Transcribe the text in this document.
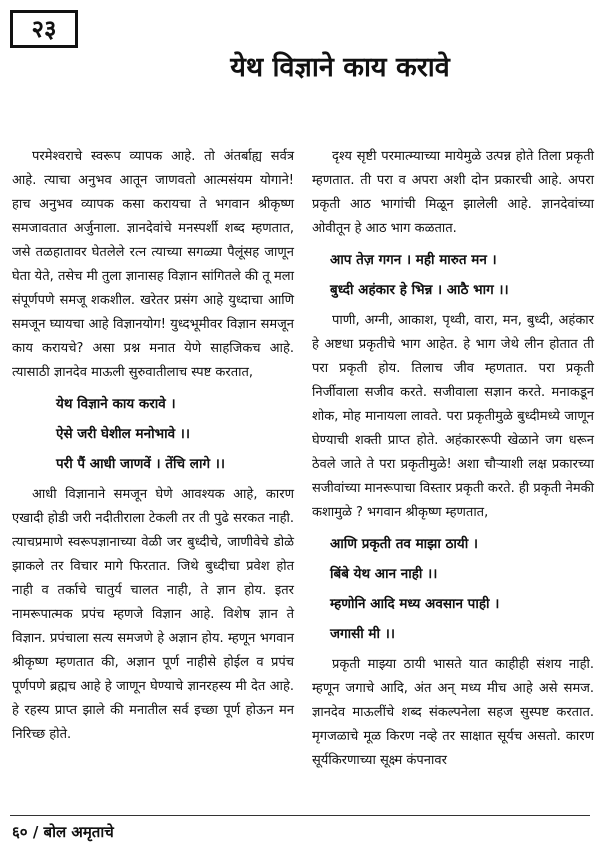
२३
येथ विज्ञाने काय करावे

परमेश्वराचे स्वरूप व्यापक आहे. तो अंतर्बाह्य सर्वत्र आहे. त्याचा अनुभव आतून जाणवतो आत्मसंयम योगाने! हाच अनुभव व्यापक कसा करायचा ते भगवान श्रीकृष्ण समजावतात अर्जुनाला. ज्ञानदेवांचे मनस्पर्शी शब्द म्हणतात, जसे तळहातावर घेतलेले रत्न त्याच्या सगळ्या पैलूंसह जाणून घेता येते, तसेच मी तुला ज्ञानासह विज्ञान सांगितले की तू मला संपूर्णपणे समजू शकशील. खरेतर प्रसंग आहे युध्दाचा आणि समजून घ्यायचा आहे विज्ञानयोग! युध्दभूमीवर विज्ञान समजून काय करायचे? असा प्रश्न मनात येणे साहजिकच आहे. त्यासाठी ज्ञानदेव माऊली सुरुवातीलाच स्पष्ट करतात,

येथ विज्ञाने काय करावे ।
ऐसे जरी घेशील मनोभावे ।।
परी पैं आधी जाणवें । तेंचि लागे ।।

आधी विज्ञानाने समजून घेणे आवश्यक आहे, कारण एखादी होडी जरी नदीतीराला टेकली तर ती पुढे सरकत नाही. त्याचप्रमाणे स्वरूपज्ञानाच्या वेळी जर बुध्दीचे, जाणीवेचे डोळे झाकले तर विचार मागे फिरतात. जिथे बुध्दीचा प्रवेश होत नाही व तर्काचे चातुर्य चालत नाही, ते ज्ञान होय. इतर नामरूपात्मक प्रपंच म्हणजे विज्ञान आहे. विशेष ज्ञान ते विज्ञान. प्रपंचाला सत्य समजणे हे अज्ञान होय. म्हणून भगवान श्रीकृष्ण म्हणतात की, अज्ञान पूर्ण नाहीसे होईल व प्रपंच पूर्णपणे ब्रह्मच आहे हे जाणून घेण्याचे ज्ञानरहस्य मी देत आहे. हे रहस्य प्राप्त झाले की मनातील सर्व इच्छा पूर्ण होऊन मन निरिच्छ होते.

दृश्य सृष्टी परमात्म्याच्या मायेमुळे उत्पन्न होते तिला प्रकृती म्हणतात. ती परा व अपरा अशी दोन प्रकारची आहे. अपरा प्रकृती आठ भागांची मिळून झालेली आहे. ज्ञानदेवांच्या ओवीतून हे आठ भाग कळतात.

आप तेज़ गगन । मही मारुत मन ।
बुध्दी अहंकार हे भिन्न । आठै भाग ।।

पाणी, अग्नी, आकाश, पृथ्वी, वारा, मन, बुध्दी, अहंकार हे अष्टधा प्रकृतीचे भाग आहेत. हे भाग जेथे लीन होतात ती परा प्रकृती होय. तिलाच जीव म्हणतात. परा प्रकृती निर्जीवाला सजीव करते. सजीवाला सज्ञान करते. मनाकडून शोक, मोह मानायला लावते. परा प्रकृतीमुळे बुध्दीमध्ये जाणून घेण्याची शक्ती प्राप्त होते. अहंकाररूपी खेळाने जग धरून ठेवले जाते ते परा प्रकृतीमुळे! अशा चौऱ्याशी लक्ष प्रकारच्या सजीवांच्या मानरूपाचा विस्तार प्रकृती करते. ही प्रकृती नेमकी कशामुळे ? भगवान श्रीकृष्ण म्हणतात,

आणि प्रकृती तव माझा ठायी ।
बिंबे येथ आन नाही ।।
म्हणोनि आदि मध्य अवसान पाही ।
जगासी मी ।।

प्रकृती माझ्या ठायी भासते यात काहीही संशय नाही. म्हणून जगाचे आदि, अंत अन् मध्य मीच आहे असे समज. ज्ञानदेव माऊलींचे शब्द संकल्पनेला सहज सुस्पष्ट करतात. मृगजळाचे मूळ किरण नव्हे तर साक्षात सूर्यच असतो. कारण सूर्यकिरणाच्या सूक्ष्म कंपनावर

६० / बोल अमृताचे
